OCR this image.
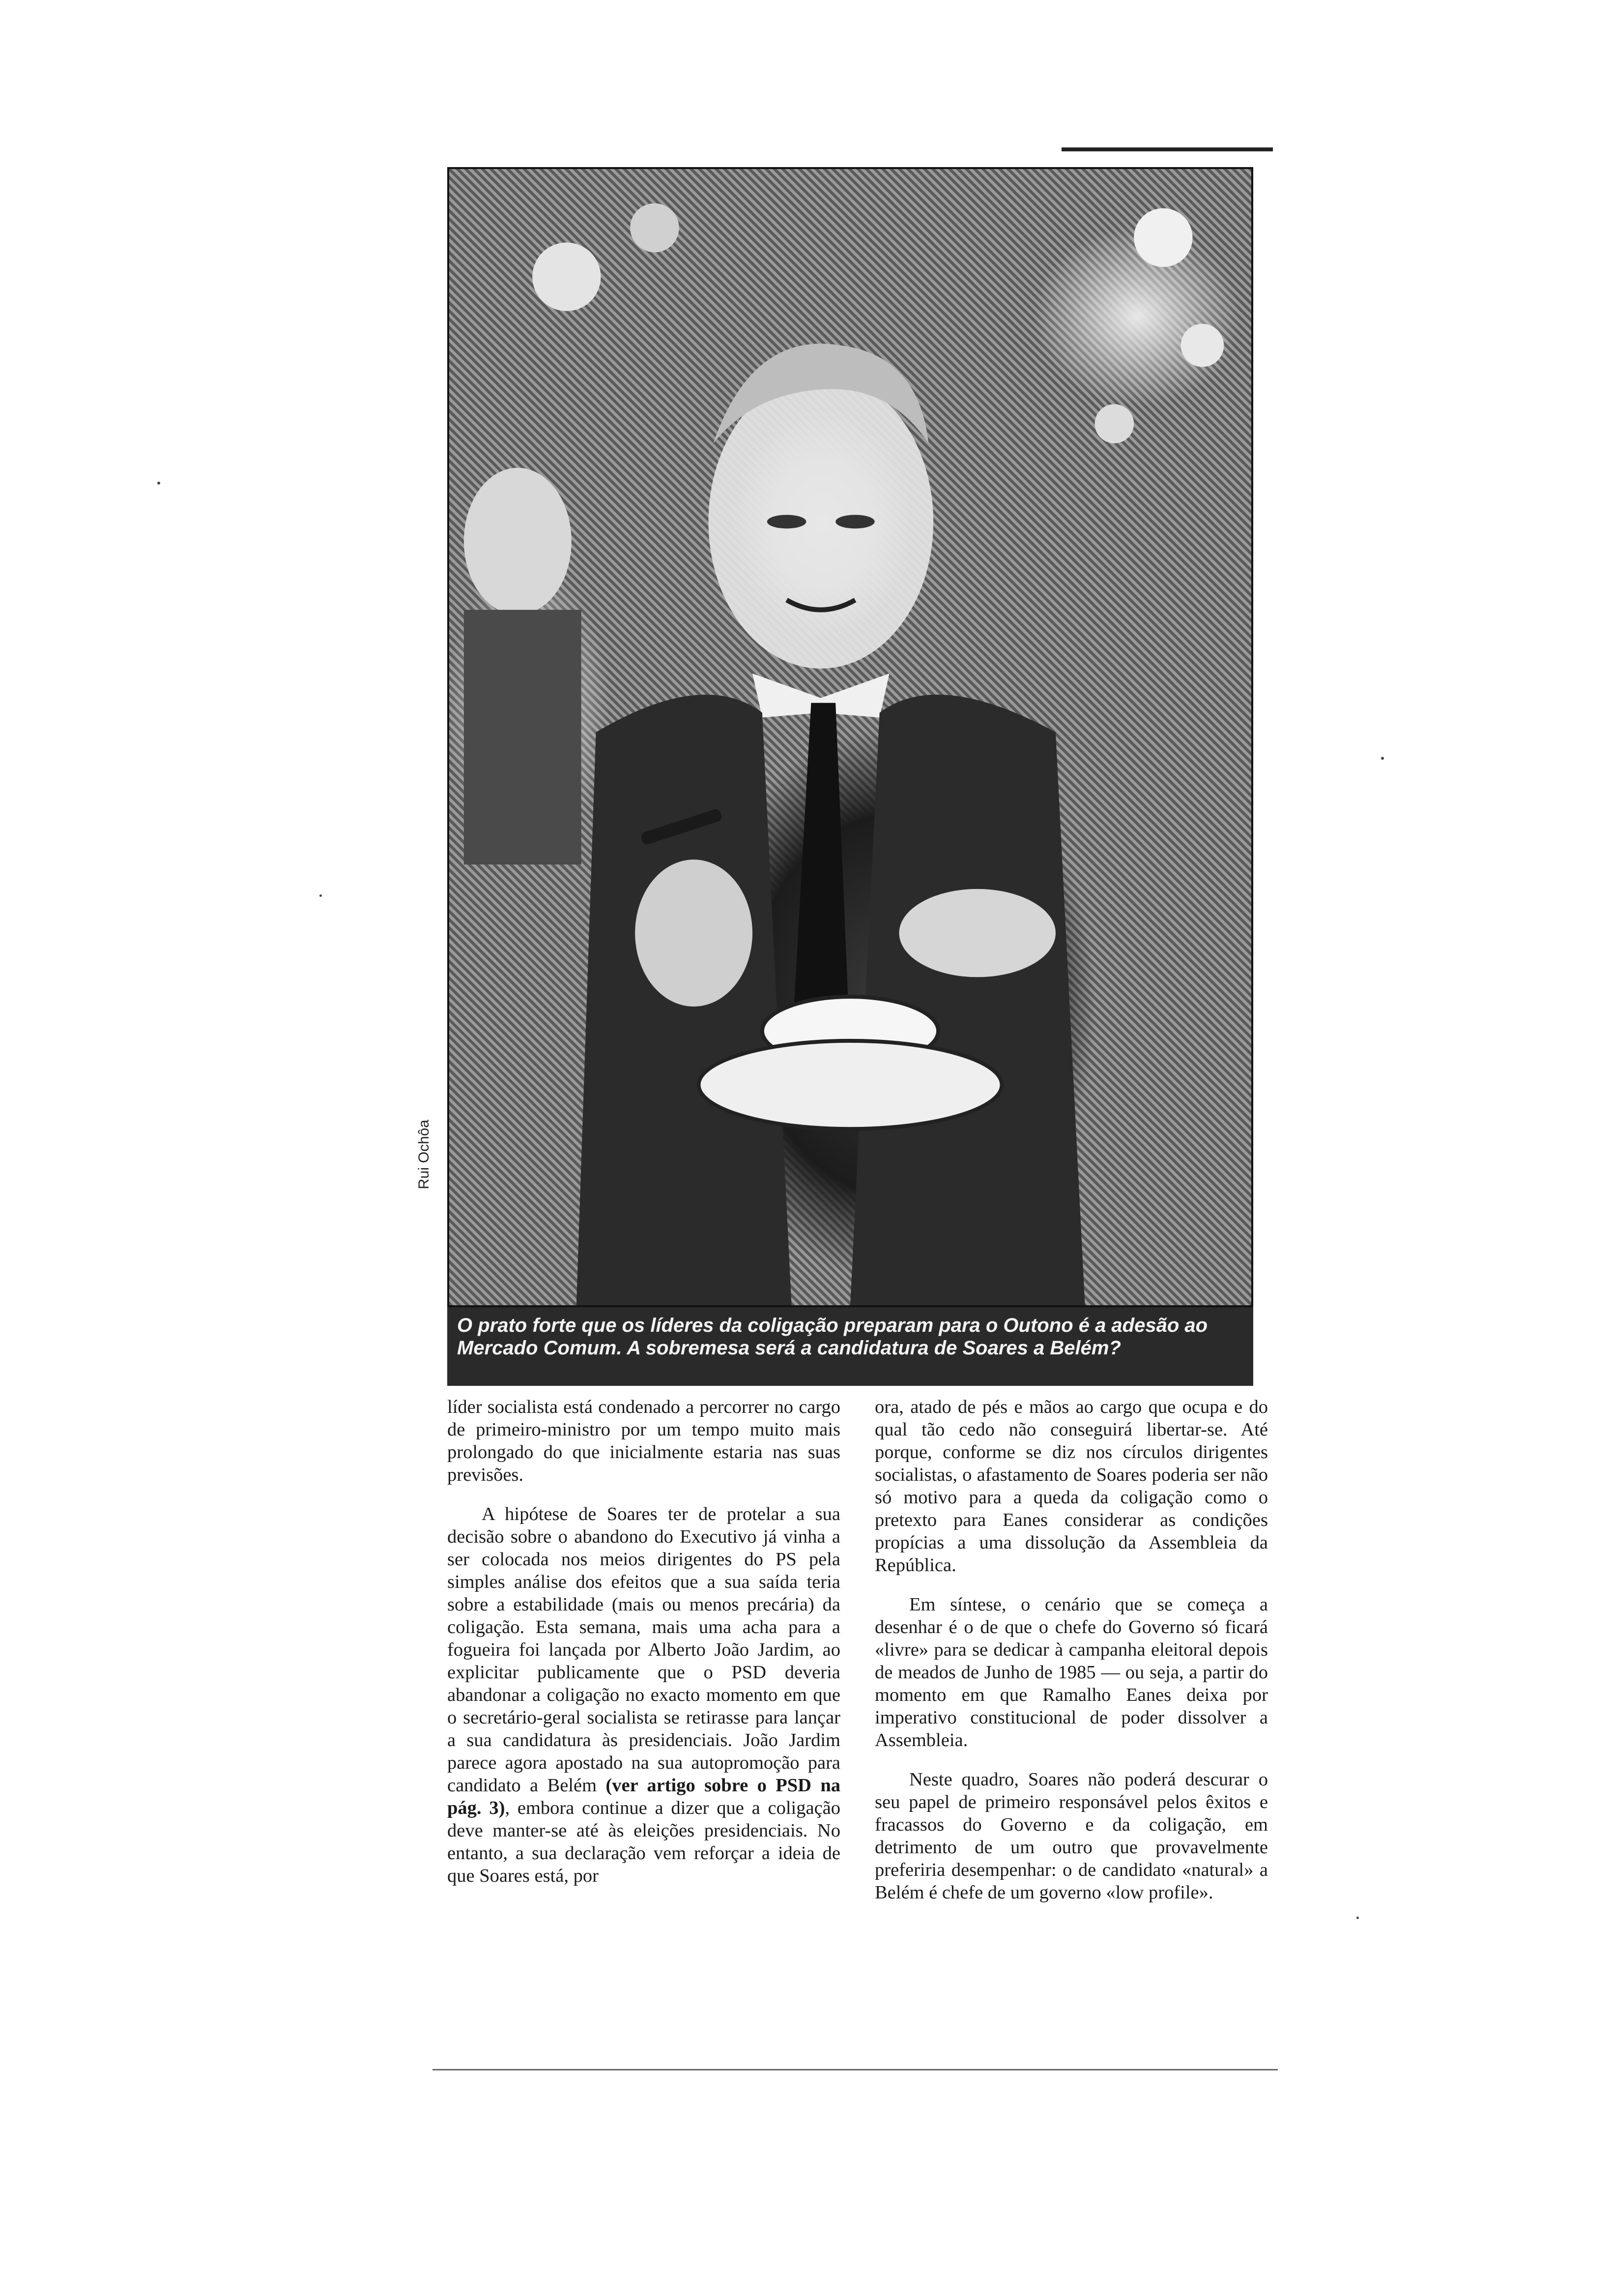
Rui Ochôa
O prato forte que os líderes da coligação preparam para o Outono é a adesão ao Mercado Comum. A sobremesa será a candidatura de Soares a Belém?

líder socialista está condenado a percorrer no cargo de primeiro-ministro por um tempo muito mais prolongado do que inicialmente estaria nas suas previsões.

A hipótese de Soares ter de protelar a sua decisão sobre o abandono do Executivo já vinha a ser colocada nos meios dirigentes do PS pela simples análise dos efeitos que a sua saída teria sobre a estabilidade (mais ou menos precária) da coligação. Esta semana, mais uma acha para a fogueira foi lançada por Alberto João Jardim, ao explicitar publicamente que o PSD deveria abandonar a coligação no exacto momento em que o secretário-geral socialista se retirasse para lançar a sua candidatura às presidenciais. João Jardim parece agora apostado na sua autopromoção para candidato a Belém (ver artigo sobre o PSD na pág. 3), embora continue a dizer que a coligação deve manter-se até às eleições presidenciais. No entanto, a sua declaração vem reforçar a ideia de que Soares está, por

ora, atado de pés e mãos ao cargo que ocupa e do qual tão cedo não conseguirá libertar-se. Até porque, conforme se diz nos círculos dirigentes socialistas, o afastamento de Soares poderia ser não só motivo para a queda da coligação como o pretexto para Eanes considerar as condições propícias a uma dissolução da Assembleia da República.

Em síntese, o cenário que se começa a desenhar é o de que o chefe do Governo só ficará «livre» para se dedicar à campanha eleitoral depois de meados de Junho de 1985 — ou seja, a partir do momento em que Ramalho Eanes deixa por imperativo constitucional de poder dissolver a Assembleia.

Neste quadro, Soares não poderá descurar o seu papel de primeiro responsável pelos êxitos e fracassos do Governo e da coligação, em detrimento de um outro que provavelmente preferiria desempenhar: o de candidato «natural» a Belém é chefe de um governo «low profile».
